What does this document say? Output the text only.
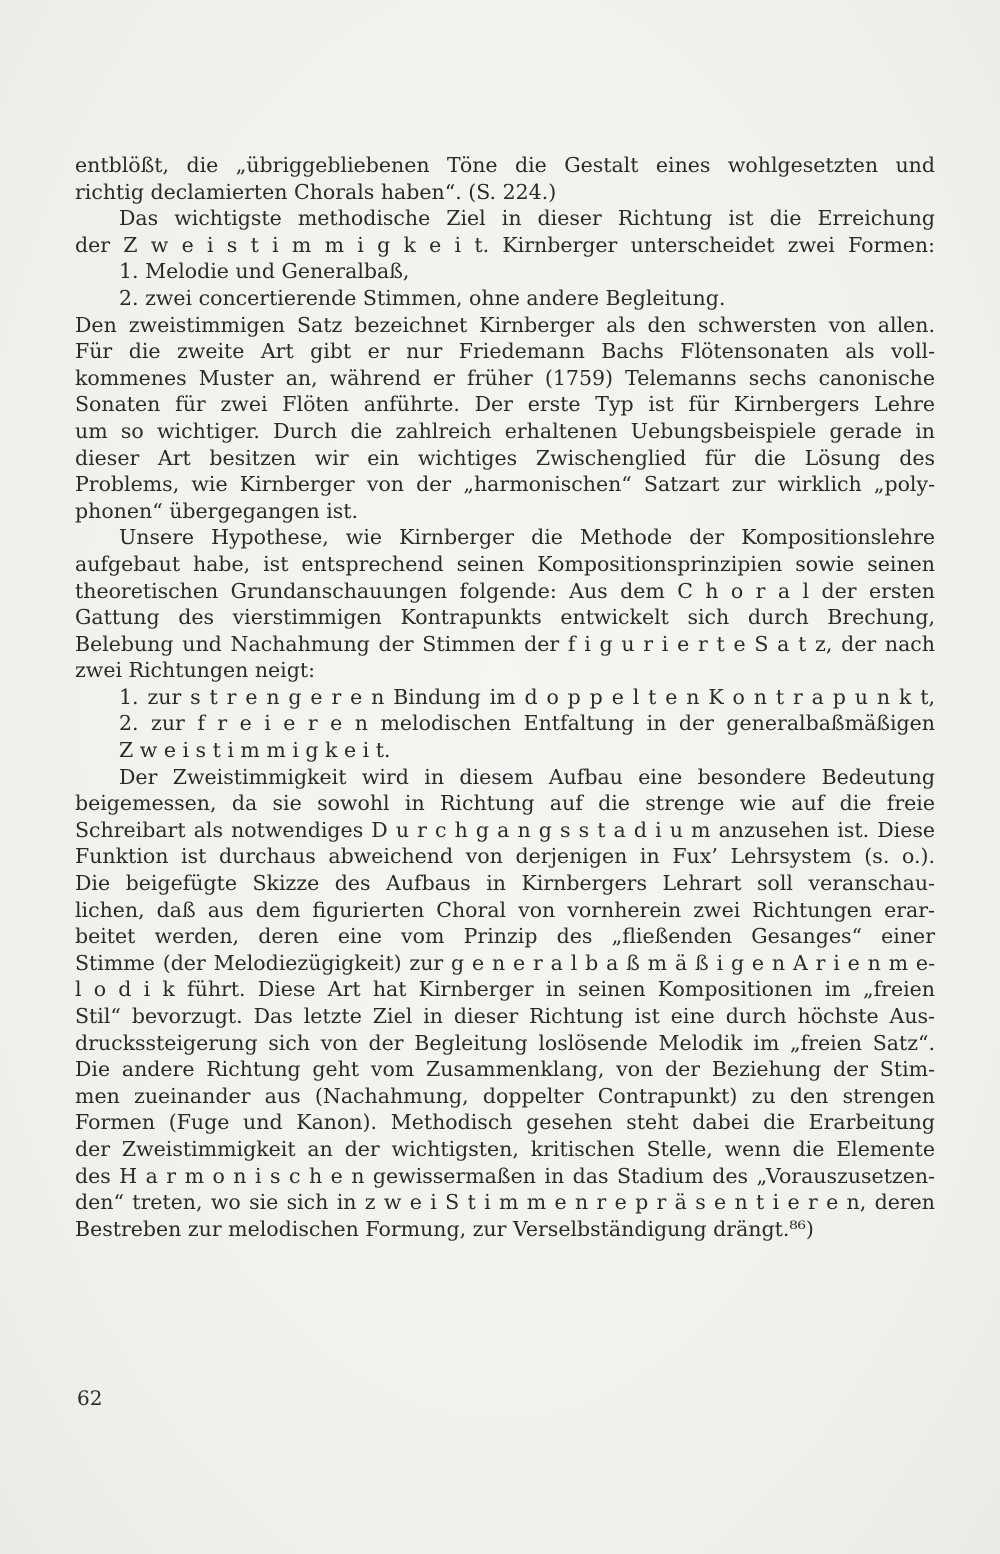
entblößt, die „übriggebliebenen Töne die Gestalt eines wohlgesetzten und
richtig declamierten Chorals haben“. (S. 224.)
Das wichtigste methodische Ziel in dieser Richtung ist die Erreichung
der Z w e i s t i m m i g k e i t. Kirnberger unterscheidet zwei Formen:
1. Melodie und Generalbaß,
2. zwei concertierende Stimmen, ohne andere Begleitung.
Den zweistimmigen Satz bezeichnet Kirnberger als den schwersten von allen.
Für die zweite Art gibt er nur Friedemann Bachs Flötensonaten als voll-
kommenes Muster an, während er früher (1759) Telemanns sechs canonische
Sonaten für zwei Flöten anführte. Der erste Typ ist für Kirnbergers Lehre
um so wichtiger. Durch die zahlreich erhaltenen Uebungsbeispiele gerade in
dieser Art besitzen wir ein wichtiges Zwischenglied für die Lösung des
Problems, wie Kirnberger von der „harmonischen“ Satzart zur wirklich „poly-
phonen“ übergegangen ist.
Unsere Hypothese, wie Kirnberger die Methode der Kompositionslehre
aufgebaut habe, ist entsprechend seinen Kompositionsprinzipien sowie seinen
theoretischen Grundanschauungen folgende: Aus dem C h o r a l der ersten
Gattung des vierstimmigen Kontrapunkts entwickelt sich durch Brechung,
Belebung und Nachahmung der Stimmen der f i g u r i e r t e S a t z, der nach
zwei Richtungen neigt:
1. zur s t r e n g e r e n Bindung im d o p p e l t e n K o n t r a p u n k t,
2. zur f r e i e r e n melodischen Entfaltung in der generalbaßmäßigen
Z w e i s t i m m i g k e i t.
Der Zweistimmigkeit wird in diesem Aufbau eine besondere Bedeutung
beigemessen, da sie sowohl in Richtung auf die strenge wie auf die freie
Schreibart als notwendiges D u r c h g a n g s s t a d i u m anzusehen ist. Diese
Funktion ist durchaus abweichend von derjenigen in Fux’ Lehrsystem (s. o.).
Die beigefügte Skizze des Aufbaus in Kirnbergers Lehrart soll veranschau-
lichen, daß aus dem figurierten Choral von vornherein zwei Richtungen erar-
beitet werden, deren eine vom Prinzip des „fließenden Gesanges“ einer
Stimme (der Melodiezügigkeit) zur g e n e r a l b a ß m ä ß i g e n A r i e n m e-
l o d i k führt. Diese Art hat Kirnberger in seinen Kompositionen im „freien
Stil“ bevorzugt. Das letzte Ziel in dieser Richtung ist eine durch höchste Aus-
druckssteigerung sich von der Begleitung loslösende Melodik im „freien Satz“.
Die andere Richtung geht vom Zusammenklang, von der Beziehung der Stim-
men zueinander aus (Nachahmung, doppelter Contrapunkt) zu den strengen
Formen (Fuge und Kanon). Methodisch gesehen steht dabei die Erarbeitung
der Zweistimmigkeit an der wichtigsten, kritischen Stelle, wenn die Elemente
des H a r m o n i s c h e n gewissermaßen in das Stadium des „Vorauszusetzen-
den“ treten, wo sie sich in z w e i S t i m m e n r e p r ä s e n t i e r e n, deren
Bestreben zur melodischen Formung, zur Verselbständigung drängt.⁸⁶)
62
